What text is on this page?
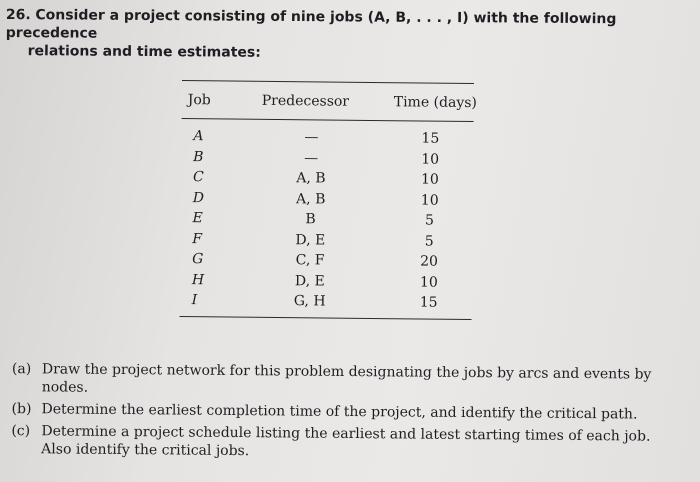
26. Consider a project consisting of nine jobs (A, B, . . . , I) with the following precedence
relations and time estimates:
Job	Predecessor	Time (days)
A	—	15
B	—	10
C	A, B	10
D	A, B	10
E	B	5
F	D, E	5
G	C, F	20
H	D, E	10
I	G, H	15
(a) Draw the project network for this problem designating the jobs by arcs and events by nodes.
(b) Determine the earliest completion time of the project, and identify the critical path.
(c) Determine a project schedule listing the earliest and latest starting times of each job. Also identify the critical jobs.
